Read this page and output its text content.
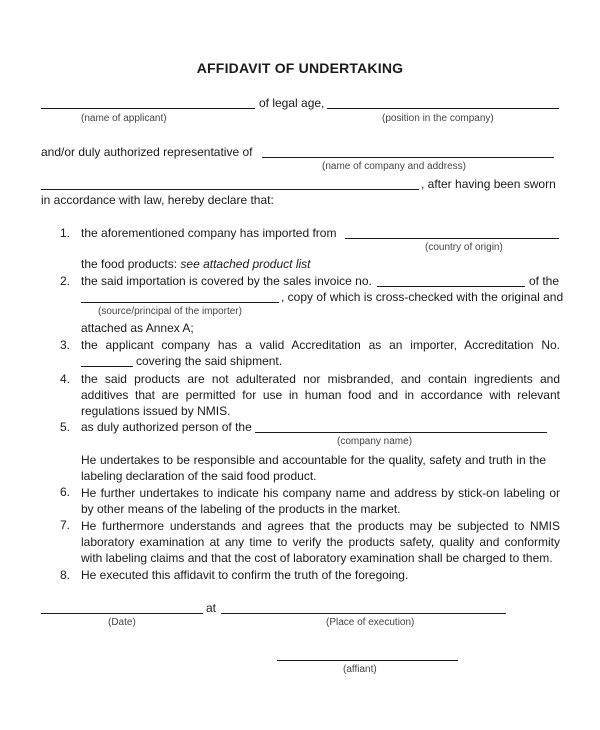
AFFIDAVIT OF UNDERTAKING
of legal age,
(name of applicant)	(position in the company)
and/or duly authorized representative of
(name of company and address)
, after having been sworn
in accordance with law, hereby declare that:
1. the aforementioned company has imported from
(country of origin)
the food products: see attached product list
2. the said importation is covered by the sales invoice no.	of the
, copy of which is cross-checked with the original and
(source/principal of the importer)
attached as Annex A;
3. the applicant company has a valid Accreditation as an importer, Accreditation No.
covering the said shipment.
4. the said products are not adulterated nor misbranded, and contain ingredients and
additives that are permitted for use in human food and in accordance with relevant
regulations issued by NMIS.
5. as duly authorized person of the
(company name)
He undertakes to be responsible and accountable for the quality, safety and truth in the
labeling declaration of the said food product.
6. He further undertakes to indicate his company name and address by stick-on labeling or
by other means of the labeling of the products in the market.
7. He furthermore understands and agrees that the products may be subjected to NMIS
laboratory examination at any time to verify the products safety, quality and conformity
with labeling claims and that the cost of laboratory examination shall be charged to them.
8. He executed this affidavit to confirm the truth of the foregoing.
at
(Date)	(Place of execution)
(affiant)
